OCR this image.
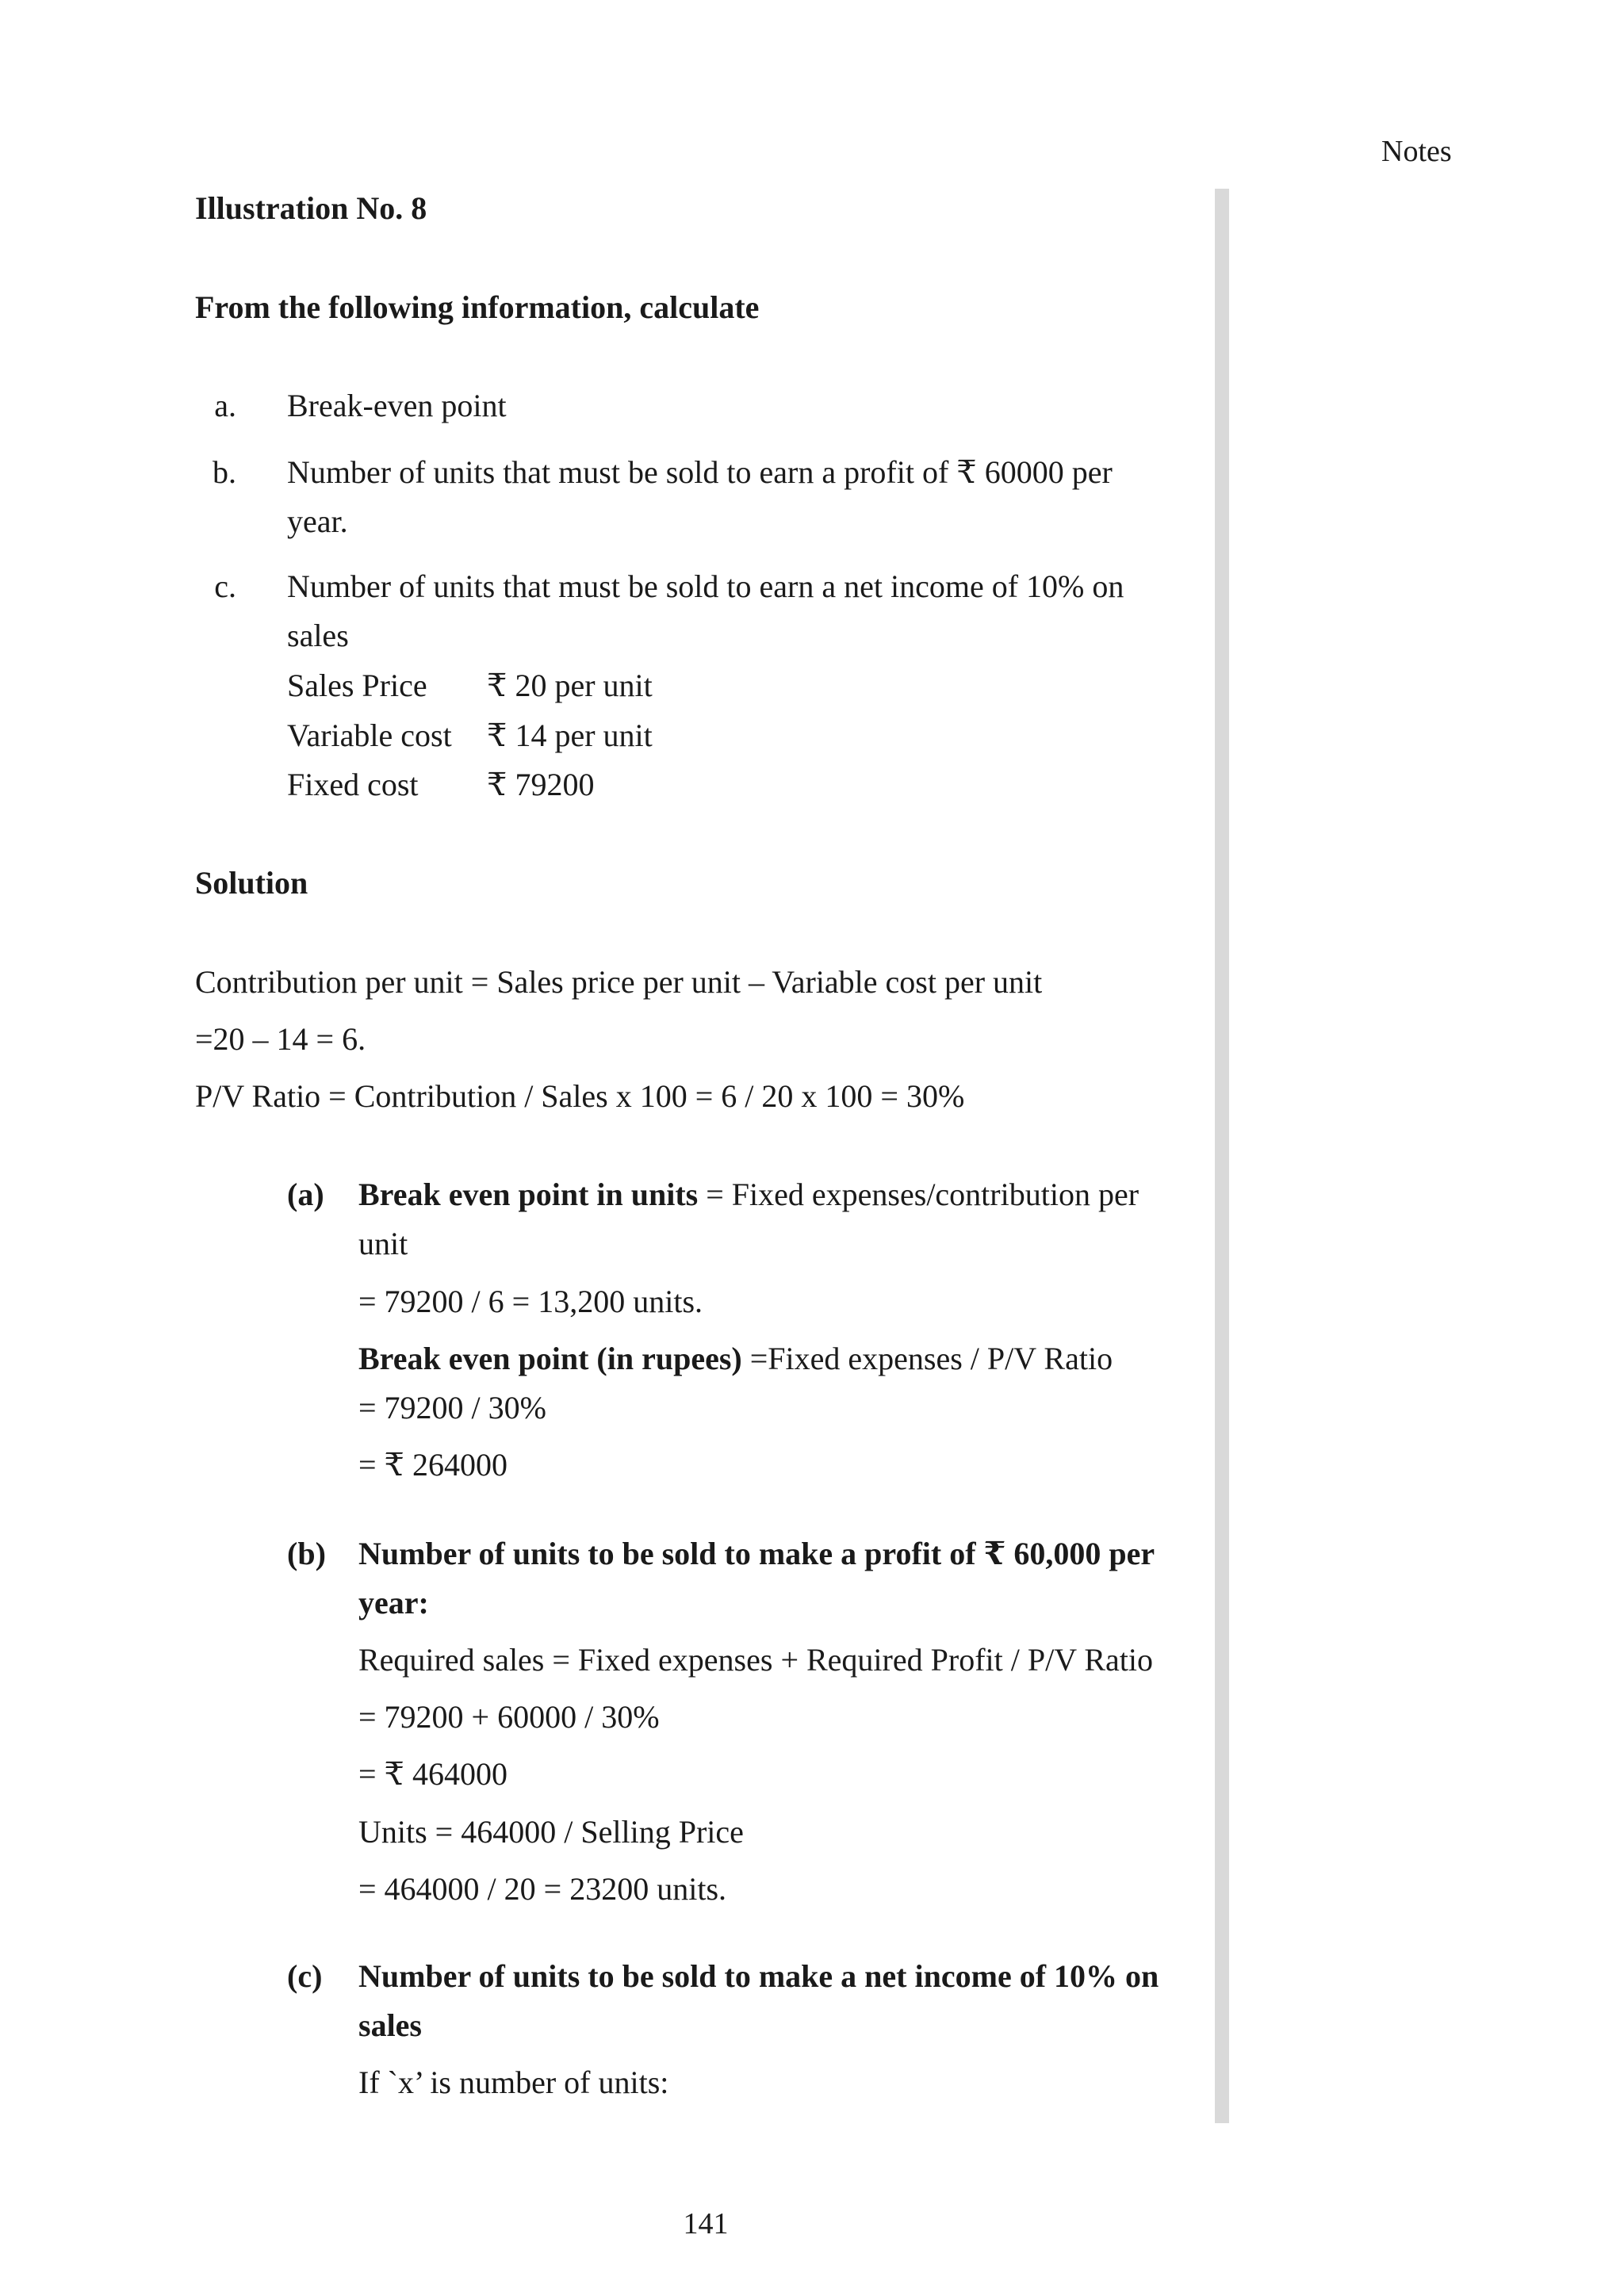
Notes
Illustration No. 8
From the following information, calculate
a. Break-even point
b. Number of units that must be sold to earn a profit of ₹ 60000 per
year.
c. Number of units that must be sold to earn a net income of 10% on
sales
Sales Price ₹ 20 per unit
Variable cost ₹ 14 per unit
Fixed cost ₹ 79200
Solution
Contribution per unit = Sales price per unit – Variable cost per unit
=20 – 14 = 6.
P/V Ratio = Contribution / Sales x 100 = 6 / 20 x 100 = 30%
(a) Break even point in units = Fixed expenses/contribution per
unit
= 79200 / 6 = 13,200 units.
Break even point (in rupees) =Fixed expenses / P/V Ratio
= 79200 / 30%
= ₹ 264000
(b) Number of units to be sold to make a profit of ₹ 60,000 per
year:
Required sales = Fixed expenses + Required Profit / P/V Ratio
= 79200 + 60000 / 30%
= ₹ 464000
Units = 464000 / Selling Price
= 464000 / 20 = 23200 units.
(c) Number of units to be sold to make a net income of 10% on
sales
If `x’ is number of units:
141
